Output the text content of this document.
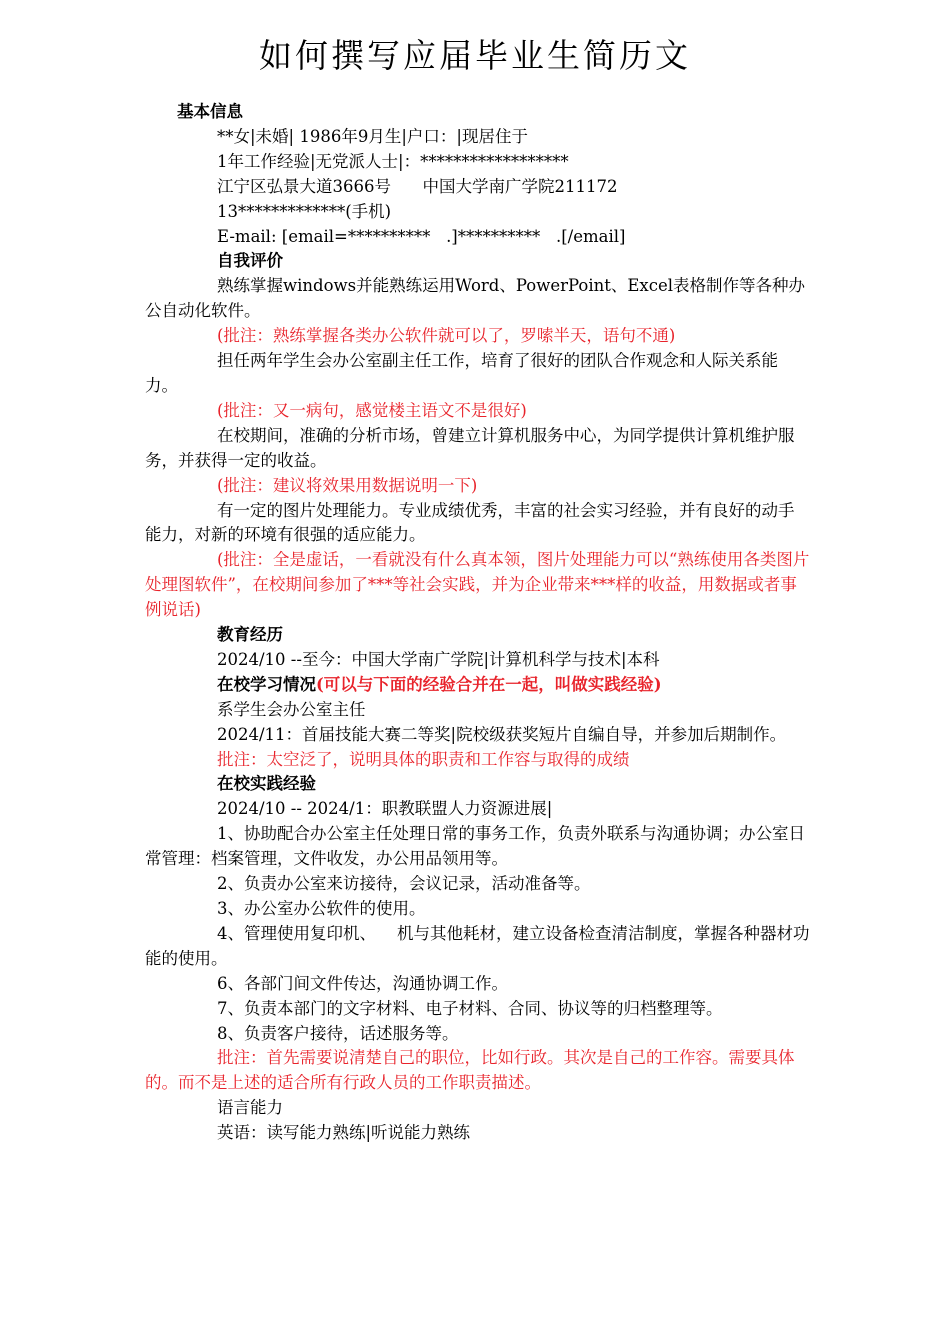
如何撰写应届毕业生简历文

基本信息

**女|未婚| 1986年9月生|户口：|现居住于

1年工作经验|无党派人士|：******************

江宁区弘景大道3666号      中国大学南广学院211172

13*************(手机)

E-mail: [email=**********   .]**********   .[/email]

自我评价

熟练掌握windows并能熟练运用Word、PowerPoint、Excel表格制作等各种办公自动化软件。

(批注：熟练掌握各类办公软件就可以了，罗嗦半天，语句不通)

担任两年学生会办公室副主任工作，培育了很好的团队合作观念和人际关系能力。

(批注：又一病句，感觉楼主语文不是很好)

在校期间，准确的分析市场，曾建立计算机服务中心，为同学提供计算机维护服务，并获得一定的收益。

(批注：建议将效果用数据说明一下)

有一定的图片处理能力。专业成绩优秀，丰富的社会实习经验，并有良好的动手能力，对新的环境有很强的适应能力。

(批注：全是虚话，一看就没有什么真本领，图片处理能力可以“熟练使用各类图片处理图软件”，在校期间参加了***等社会实践，并为企业带来***样的收益，用数据或者事例说话)

教育经历

2024/10 --至今：中国大学南广学院|计算机科学与技术|本科

在校学习情况(可以与下面的经验合并在一起，叫做实践经验)

系学生会办公室主任

2024/11：首届技能大赛二等奖|院校级获奖短片自编自导，并参加后期制作。

批注：太空泛了，说明具体的职责和工作容与取得的成绩

在校实践经验

2024/10 -- 2024/1：职教联盟人力资源进展|

1、协助配合办公室主任处理日常的事务工作，负责外联系与沟通协调；办公室日常管理：档案管理，文件收发，办公用品领用等。

2、负责办公室来访接待，会议记录，活动准备等。

3、办公室办公软件的使用。

4、管理使用复印机、    机与其他耗材，建立设备检查清洁制度，掌握各种器材功能的使用。

6、各部门间文件传达，沟通协调工作。

7、负责本部门的文字材料、电子材料、合同、协议等的归档整理等。

8、负责客户接待，话述服务等。

批注：首先需要说清楚自己的职位，比如行政。其次是自己的工作容。需要具体的。而不是上述的适合所有行政人员的工作职责描述。

语言能力

英语：读写能力熟练|听说能力熟练
